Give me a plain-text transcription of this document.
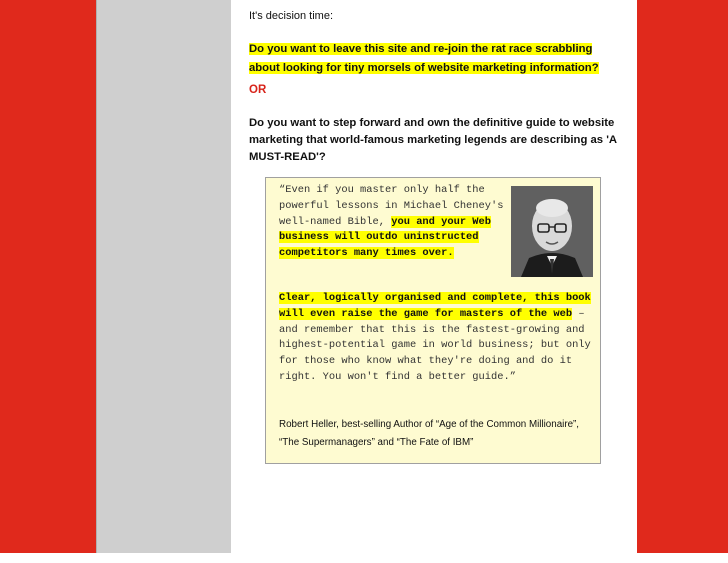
It's decision time:
Do you want to leave this site and re-join the rat race scrabbling
about looking for tiny morsels of website marketing information?
OR
Do you want to step forward and own the definitive guide to website marketing that world-famous marketing legends are describing as 'A MUST-READ'?
“Even if you master only half the powerful lessons in Michael Cheney's well-named Bible, you and your Web business will outdo uninstructed competitors many times over.
Clear, logically organised and complete, this book will even raise the game for masters of the web – and remember that this is the fastest-growing and highest-potential game in world business; but only for those who know what they're doing and do it right. You won't find a better guide.”
Robert Heller, best-selling Author of “Age of the Common Millionaire”, “The Supermanagers” and “The Fate of IBM”
